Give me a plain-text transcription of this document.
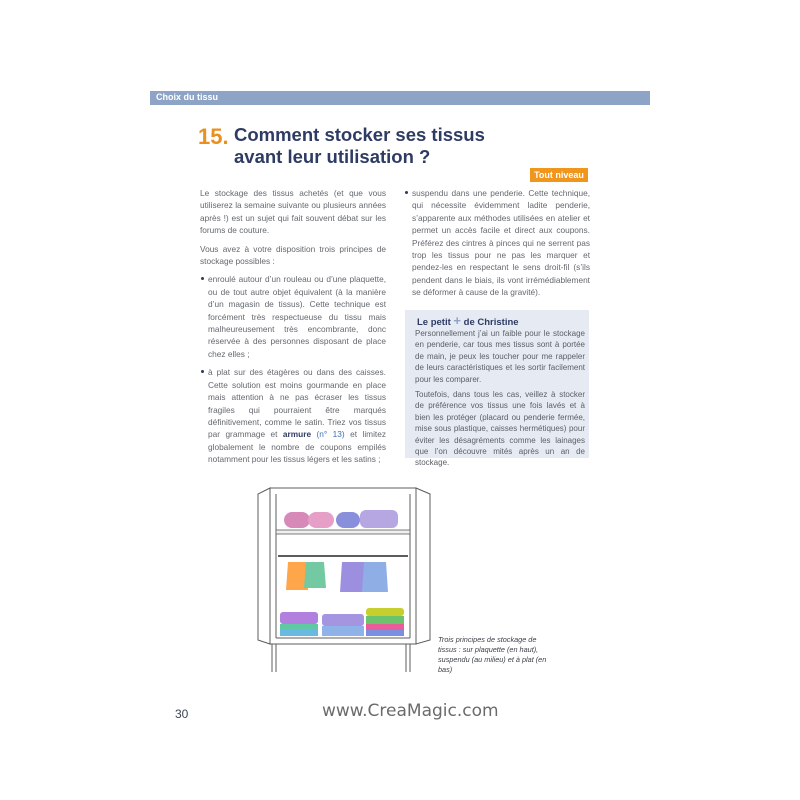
Choix du tissu
15. Comment stocker ses tissus
avant leur utilisation ?
Tout niveau

Le stockage des tissus achetés (et que vous utiliserez la semaine suivante ou plusieurs années après !) est un sujet qui fait souvent débat sur les forums de couture.

Vous avez à votre disposition trois principes de stockage possibles :

enroulé autour d’un rouleau ou d’une plaquette, ou de tout autre objet équivalent (à la manière d’un magasin de tissus). Cette technique est forcément très respectueuse du tissu mais malheureusement très encombrante, donc réservée à des personnes disposant de place chez elles ;
à plat sur des étagères ou dans des caisses. Cette solution est moins gourmande en place mais attention à ne pas écraser les tissus fragiles qui pourraient être marqués définitivement, comme le satin. Triez vos tissus par grammage et armure (n° 13) et limitez globalement le nombre de coupons empilés notamment pour les tissus légers et les satins ;
suspendu dans une penderie. Cette technique, qui nécessite évidemment ladite penderie, s’apparente aux méthodes utilisées en atelier et permet un accès facile et direct aux coupons. Préférez des cintres à pinces qui ne serrent pas trop les tissus pour ne pas les marquer et pendez-les en respectant le sens droit-fil (s’ils pendent dans le biais, ils vont irrémédiablement se déformer à cause de la gravité).
Le petit + de Christine

Personnellement j’ai un faible pour le stockage en penderie, car tous mes tissus sont à portée de main, je peux les toucher pour me rappeler de leurs caractéristiques et les sortir facilement pour les comparer.

Toutefois, dans tous les cas, veillez à stocker de préférence vos tissus une fois lavés et à bien les protéger (placard ou penderie fermée, mise sous plastique, caisses hermétiques) pour éviter les désagréments comme les lainages que l’on découvre mités après un an de stockage.

Trois principes de stockage de tissus : sur plaquette (en haut), suspendu (au milieu) et à plat (en bas)
30	www.CreaMagic.com
